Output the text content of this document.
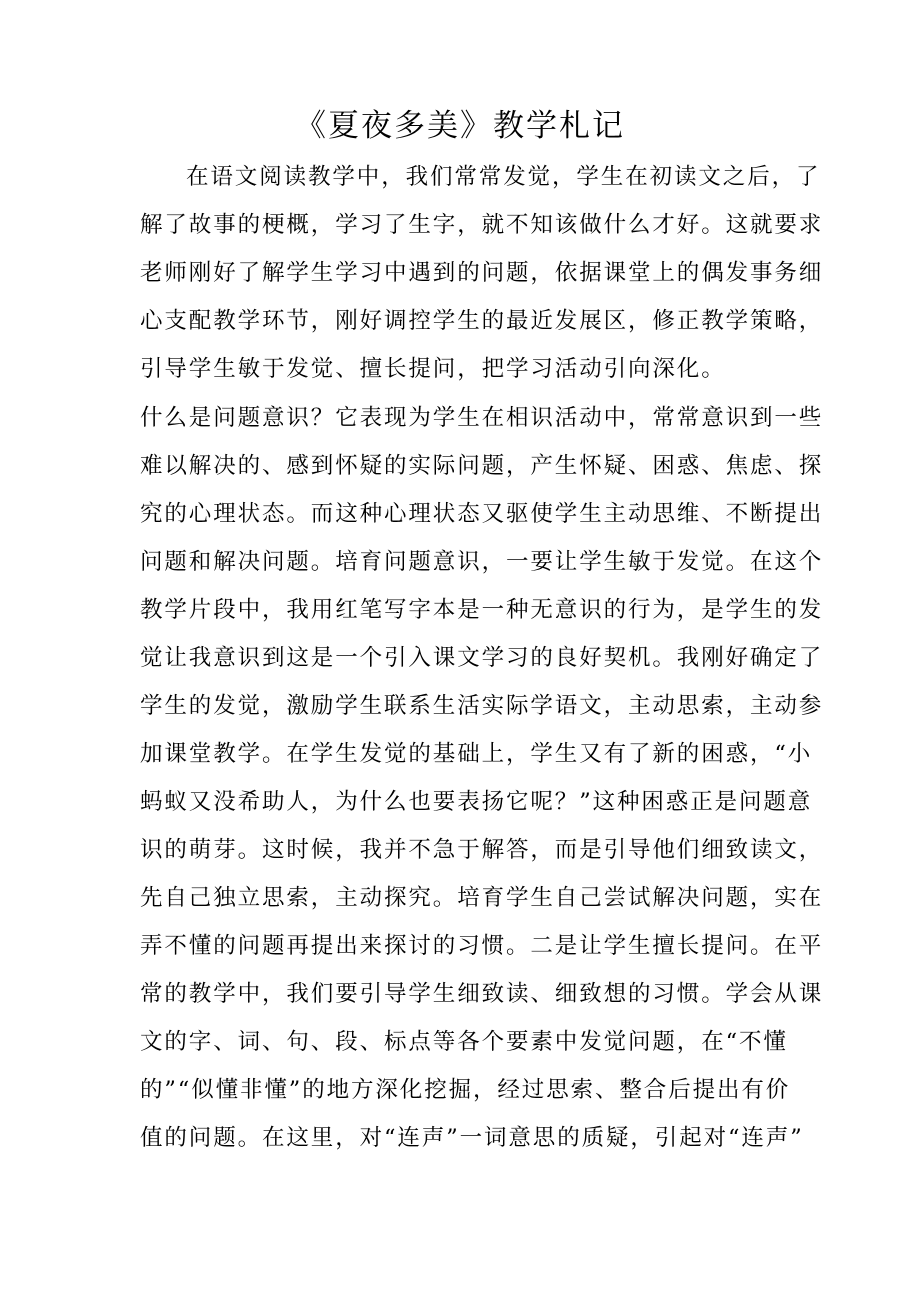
《夏夜多美》教学札记
在语文阅读教学中，我们常常发觉，学生在初读文之后，了
解了故事的梗概，学习了生字，就不知该做什么才好。这就要求
老师刚好了解学生学习中遇到的问题，依据课堂上的偶发事务细
心支配教学环节，刚好调控学生的最近发展区，修正教学策略，
引导学生敏于发觉、擅长提问，把学习活动引向深化。
什么是问题意识？它表现为学生在相识活动中，常常意识到一些
难以解决的、感到怀疑的实际问题，产生怀疑、困惑、焦虑、探
究的心理状态。而这种心理状态又驱使学生主动思维、不断提出
问题和解决问题。培育问题意识，一要让学生敏于发觉。在这个
教学片段中，我用红笔写字本是一种无意识的行为，是学生的发
觉让我意识到这是一个引入课文学习的良好契机。我刚好确定了
学生的发觉，激励学生联系生活实际学语文，主动思索，主动参
加课堂教学。在学生发觉的基础上，学生又有了新的困惑，“小
蚂蚁又没希助人，为什么也要表扬它呢？”这种困惑正是问题意
识的萌芽。这时候，我并不急于解答，而是引导他们细致读文，
先自己独立思索，主动探究。培育学生自己尝试解决问题，实在
弄不懂的问题再提出来探讨的习惯。二是让学生擅长提问。在平
常的教学中，我们要引导学生细致读、细致想的习惯。学会从课
文的字、词、句、段、标点等各个要素中发觉问题，在“不懂
的”“似懂非懂”的地方深化挖掘，经过思索、整合后提出有价
值的问题。在这里，对“连声”一词意思的质疑，引起对“连声”
